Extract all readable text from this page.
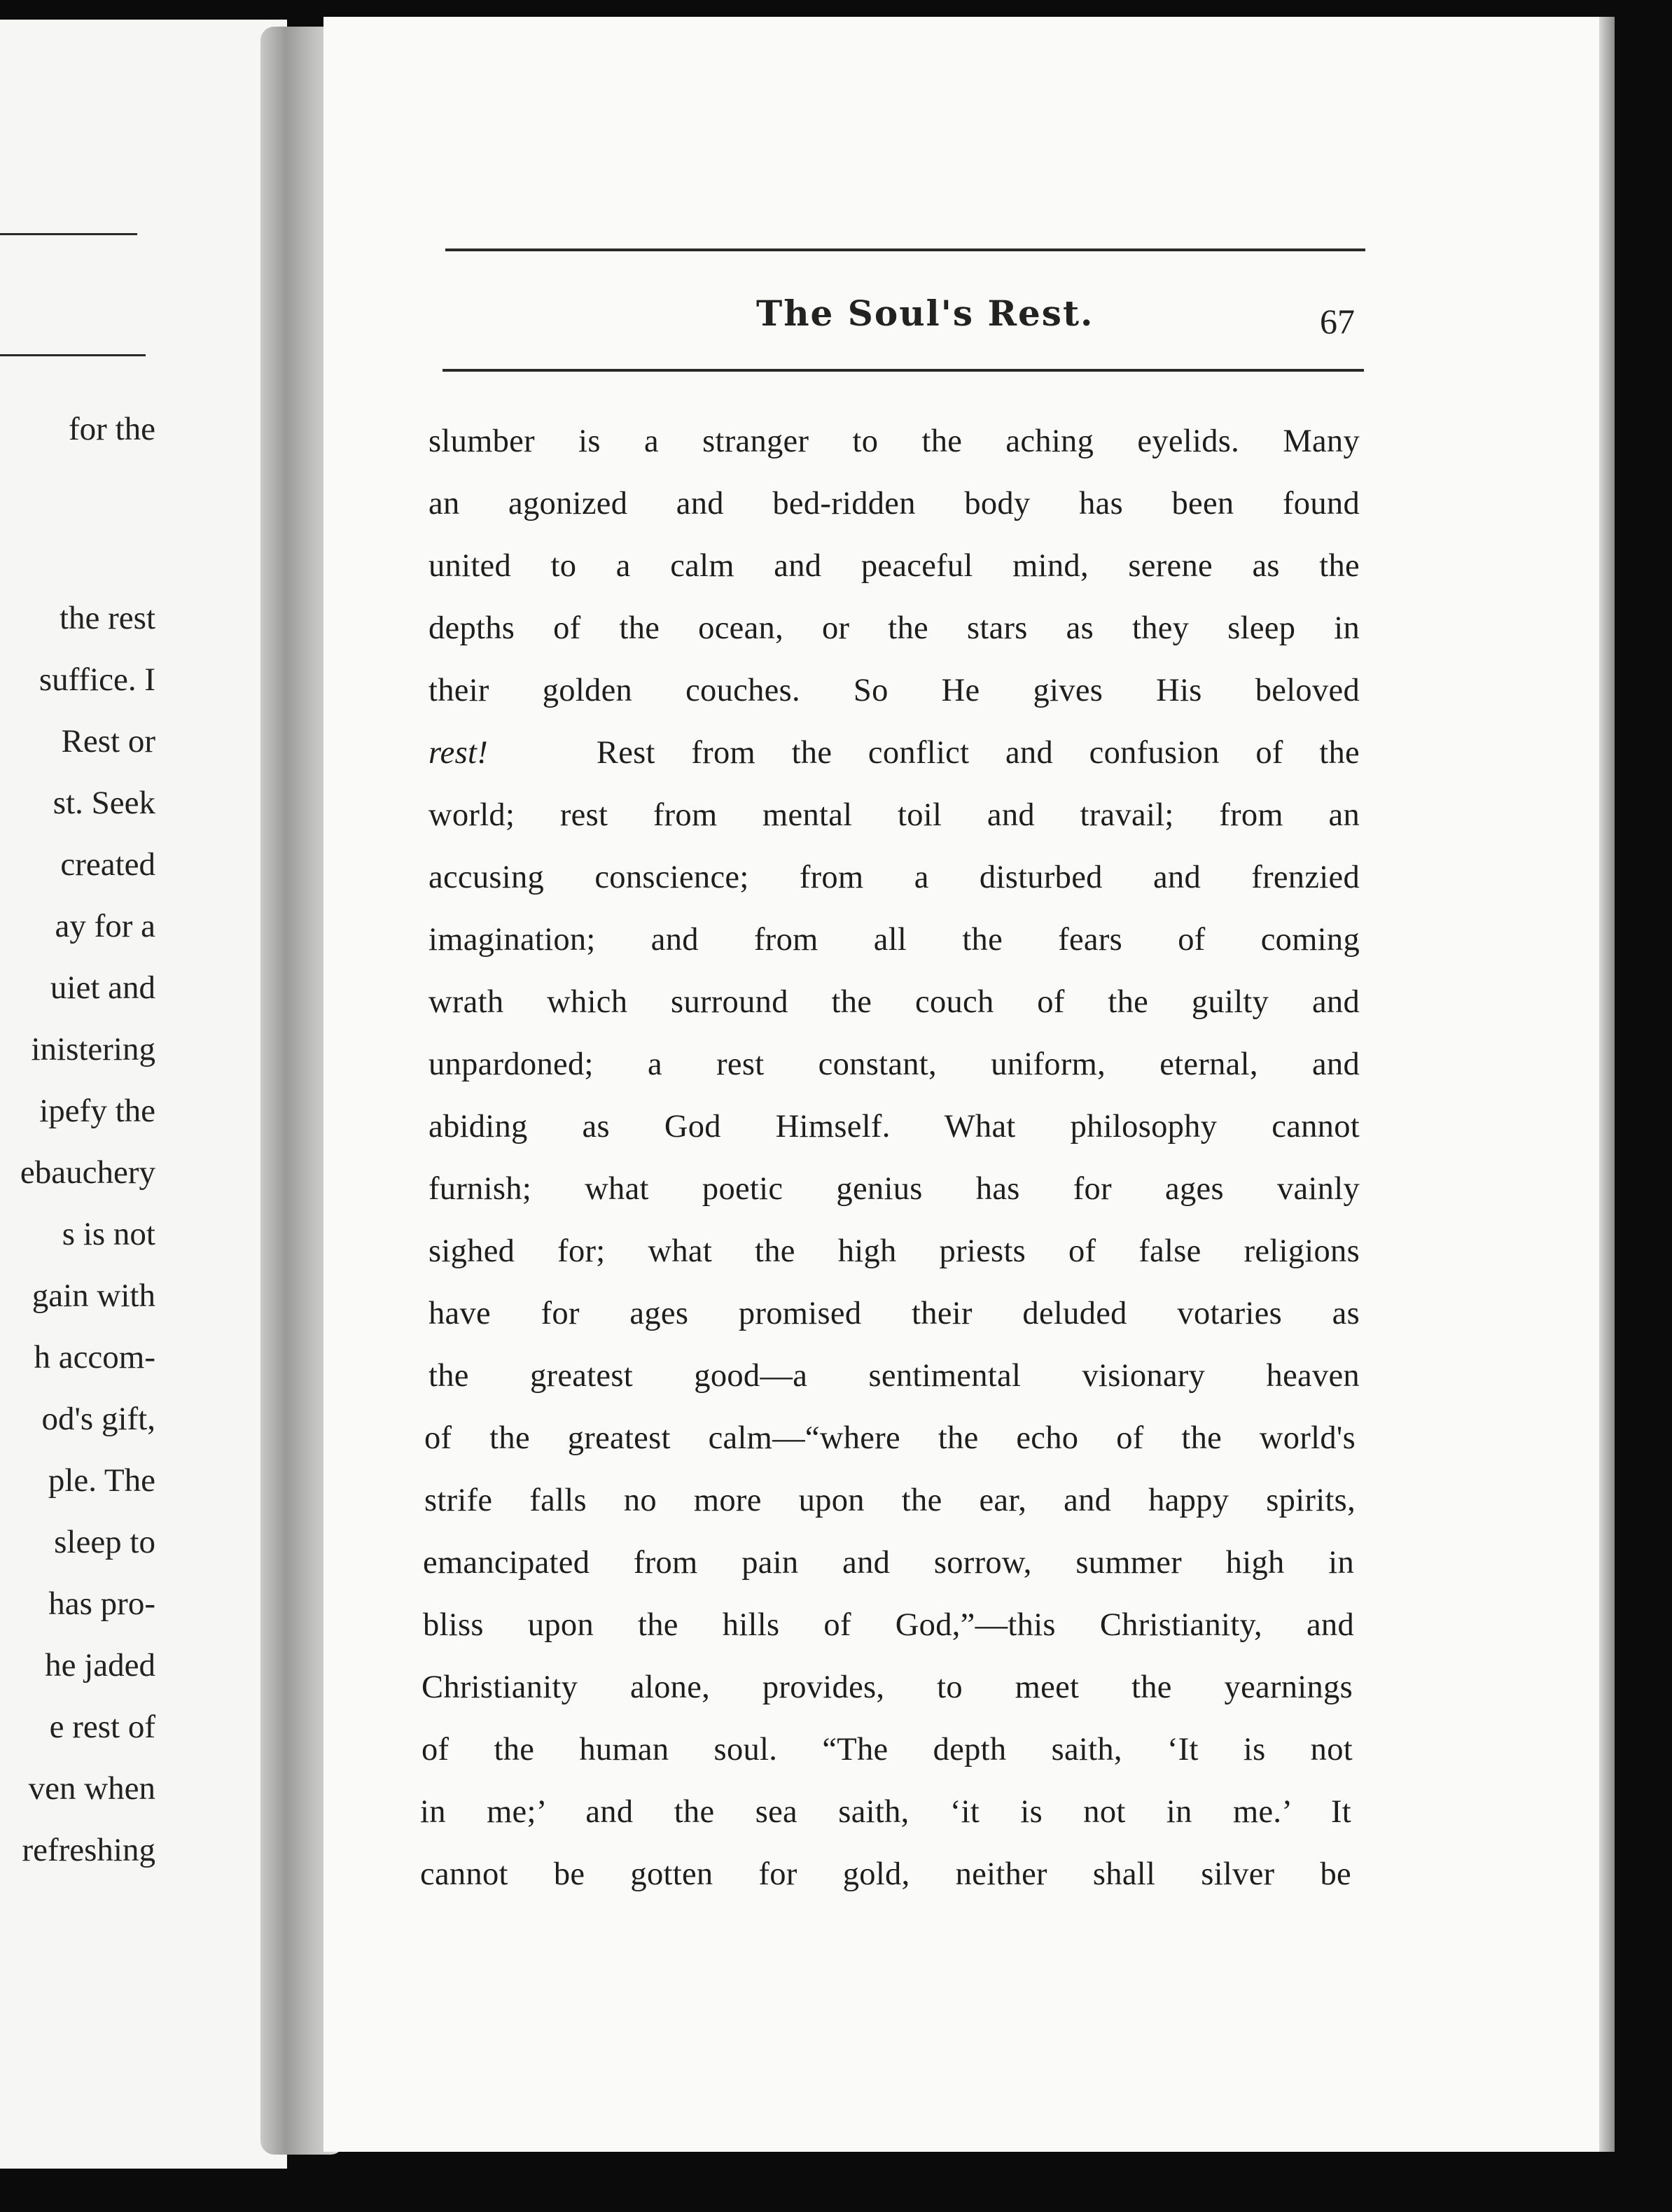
for the
the rest
suffice. I
Rest or
st. Seek
created
ay for a
uiet and
inistering
ipefy the
ebauchery
s is not
gain with
h accom-
od's gift,
ple. The
sleep to
has pro-
he jaded
e rest of
ven when
refreshing
The Soul's Rest.	67
slumber is a stranger to the aching eyelids. Many
an agonized and bed-ridden body has been found
united to a calm and peaceful mind, serene as the
depths of the ocean, or the stars as they sleep in
their golden couches. So He gives His beloved
rest!	Rest from the conflict and confusion of the
world; rest from mental toil and travail; from an
accusing conscience; from a disturbed and frenzied
imagination; and from all the fears of coming
wrath which surround the couch of the guilty and
unpardoned; a rest constant, uniform, eternal, and
abiding as God Himself. What philosophy cannot
furnish; what poetic genius has for ages vainly
sighed for; what the high priests of false religions
have for ages promised their deluded votaries as
the greatest good—a sentimental visionary heaven
of the greatest calm—“where the echo of the world's
strife falls no more upon the ear, and happy spirits,
emancipated from pain and sorrow, summer high in
bliss upon the hills of God,”—this Christianity, and
Christianity alone, provides, to meet the yearnings
of the human soul. “The depth saith, ‘It is not
in me;’ and the sea saith, ‘it is not in me.’ It
cannot be gotten for gold, neither shall silver be
